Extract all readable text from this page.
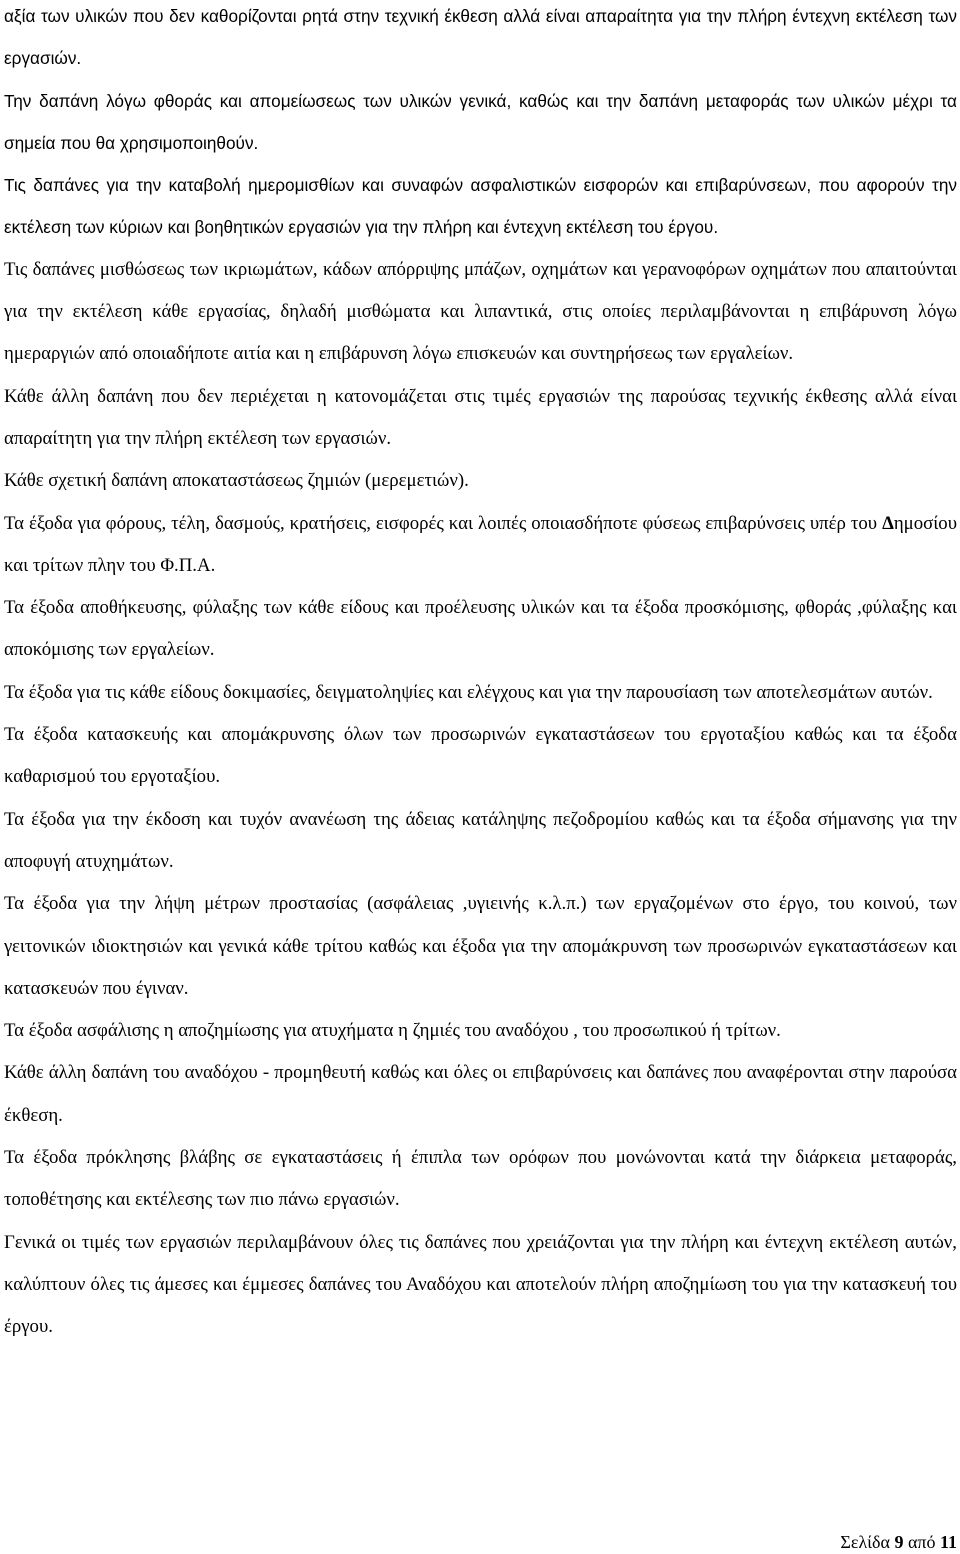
αξία των υλικών που δεν καθορίζονται ρητά στην τεχνική έκθεση αλλά είναι απαραίτητα για την πλήρη έντεχνη εκτέλεση των εργασιών.

Την δαπάνη λόγω φθοράς και απομείωσεως των υλικών γενικά, καθώς και την δαπάνη μεταφοράς των υλικών μέχρι τα σημεία που θα χρησιμοποιηθούν.

Τις δαπάνες για την καταβολή ημερομισθίων και συναφών ασφαλιστικών εισφορών και επιβαρύνσεων, που αφορούν την εκτέλεση των κύριων και βοηθητικών εργασιών για την πλήρη και έντεχνη εκτέλεση του έργου.

Τις δαπάνες μισθώσεως των ικριωμάτων, κάδων απόρριψης μπάζων, οχημάτων και γερανοφόρων οχημάτων που απαιτούνται για την εκτέλεση κάθε εργασίας, δηλαδή μισθώματα και λιπαντικά, στις οποίες περιλαμβάνονται η επιβάρυνση λόγω ημεραργιών από οποιαδήποτε αιτία και η επιβάρυνση λόγω επισκευών και συντηρήσεως των εργαλείων.

Κάθε άλλη δαπάνη που δεν περιέχεται η κατονομάζεται στις τιμές εργασιών της παρούσας τεχνικής έκθεσης αλλά είναι απαραίτητη για την πλήρη εκτέλεση των εργασιών.

Κάθε σχετική δαπάνη αποκαταστάσεως ζημιών (μερεμετιών).

Τα έξοδα για φόρους, τέλη, δασμούς, κρατήσεις, εισφορές και λοιπές οποιασδήποτε φύσεως επιβαρύνσεις υπέρ του Δημοσίου και τρίτων πλην του Φ.Π.Α.

Τα έξοδα αποθήκευσης, φύλαξης των κάθε είδους και προέλευσης υλικών και τα έξοδα προσκόμισης, φθοράς ,φύλαξης και αποκόμισης των εργαλείων.

Τα έξοδα για τις κάθε είδους δοκιμασίες, δειγματοληψίες και ελέγχους και για την παρουσίαση των αποτελεσμάτων αυτών.

Τα έξοδα κατασκευής και απομάκρυνσης όλων των προσωρινών εγκαταστάσεων του εργοταξίου καθώς και τα έξοδα καθαρισμού του εργοταξίου.

Τα έξοδα για την έκδοση και τυχόν ανανέωση της άδειας κατάληψης πεζοδρομίου καθώς και τα έξοδα σήμανσης για την αποφυγή ατυχημάτων.

Τα έξοδα για την λήψη μέτρων προστασίας (ασφάλειας ,υγιεινής κ.λ.π.) των εργαζομένων στο έργο, του κοινού, των γειτονικών ιδιοκτησιών και γενικά κάθε τρίτου καθώς και έξοδα για την απομάκρυνση των προσωρινών εγκαταστάσεων και κατασκευών που έγιναν.

Τα έξοδα ασφάλισης η αποζημίωσης για ατυχήματα η ζημιές του αναδόχου , του προσωπικού ή τρίτων.

Κάθε άλλη δαπάνη του αναδόχου - προμηθευτή καθώς και όλες οι επιβαρύνσεις και δαπάνες που αναφέρονται στην παρούσα έκθεση.

Τα έξοδα πρόκλησης βλάβης σε εγκαταστάσεις ή έπιπλα των ορόφων που μονώνονται κατά την διάρκεια μεταφοράς, τοποθέτησης και εκτέλεσης των πιο πάνω εργασιών.

Γενικά οι τιμές των εργασιών περιλαμβάνουν όλες τις δαπάνες που χρειάζονται για την πλήρη και έντεχνη εκτέλεση αυτών, καλύπτουν όλες τις άμεσες και έμμεσες δαπάνες του Αναδόχου και αποτελούν πλήρη αποζημίωση του για την κατασκευή του έργου.

Σελίδα 9 από 11
